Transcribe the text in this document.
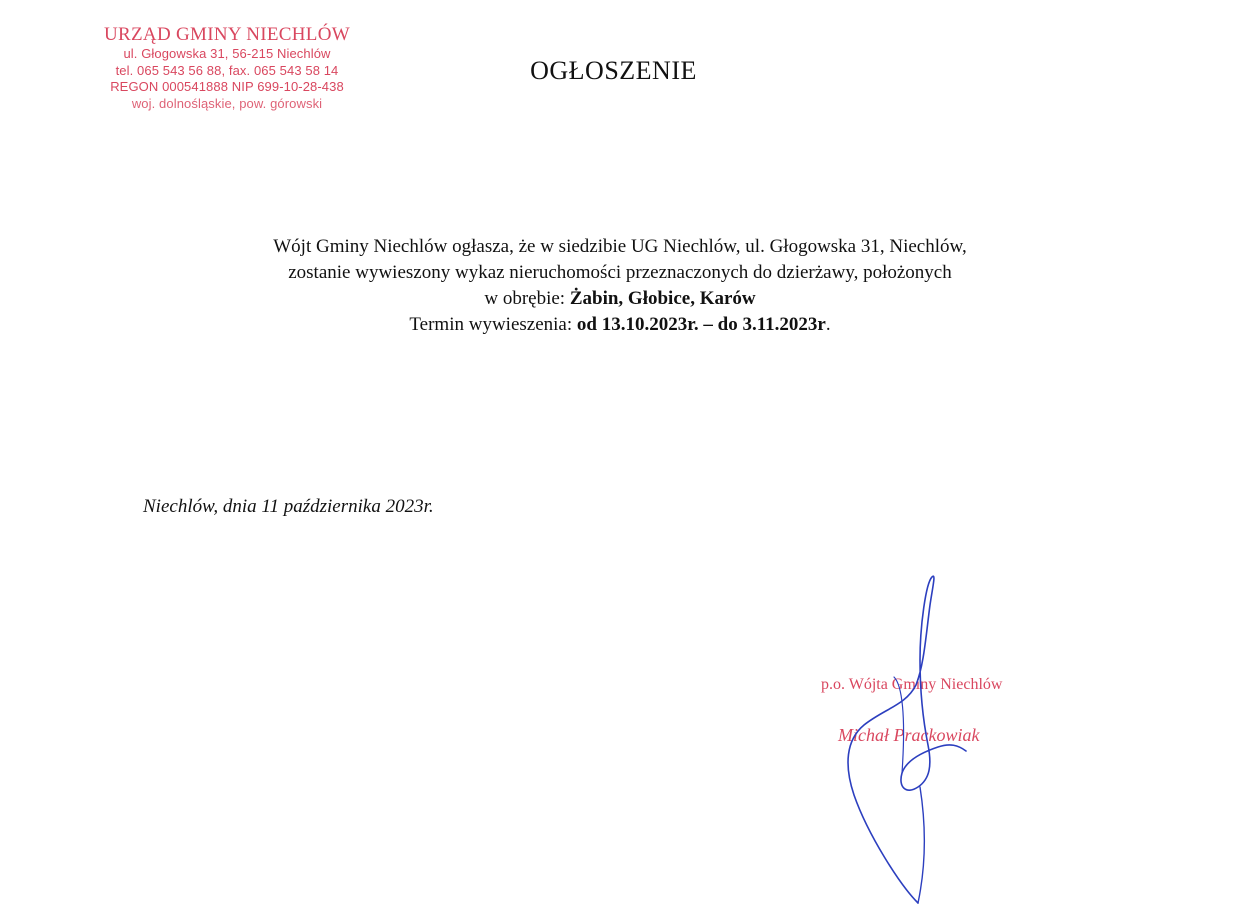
URZĄD GMINY NIECHLÓW
ul. Głogowska 31, 56-215 Niechlów
tel. 065 543 56 88, fax. 065 543 58 14
REGON 000541888 NIP 699-10-28-438
woj. dolnośląskie, pow. górowski
OGŁOSZENIE
Wójt Gminy Niechlów ogłasza, że w siedzibie UG Niechlów, ul. Głogowska 31, Niechlów,
zostanie wywieszony wykaz nieruchomości przeznaczonych do dzierżawy, położonych
w obrębie: Żabin, Głobice, Karów
Termin wywieszenia: od 13.10.2023r. – do 3.11.2023r.
Niechlów, dnia 11 października 2023r.
p.o. Wójta Gminy Niechlów
Michał Prackowiak
